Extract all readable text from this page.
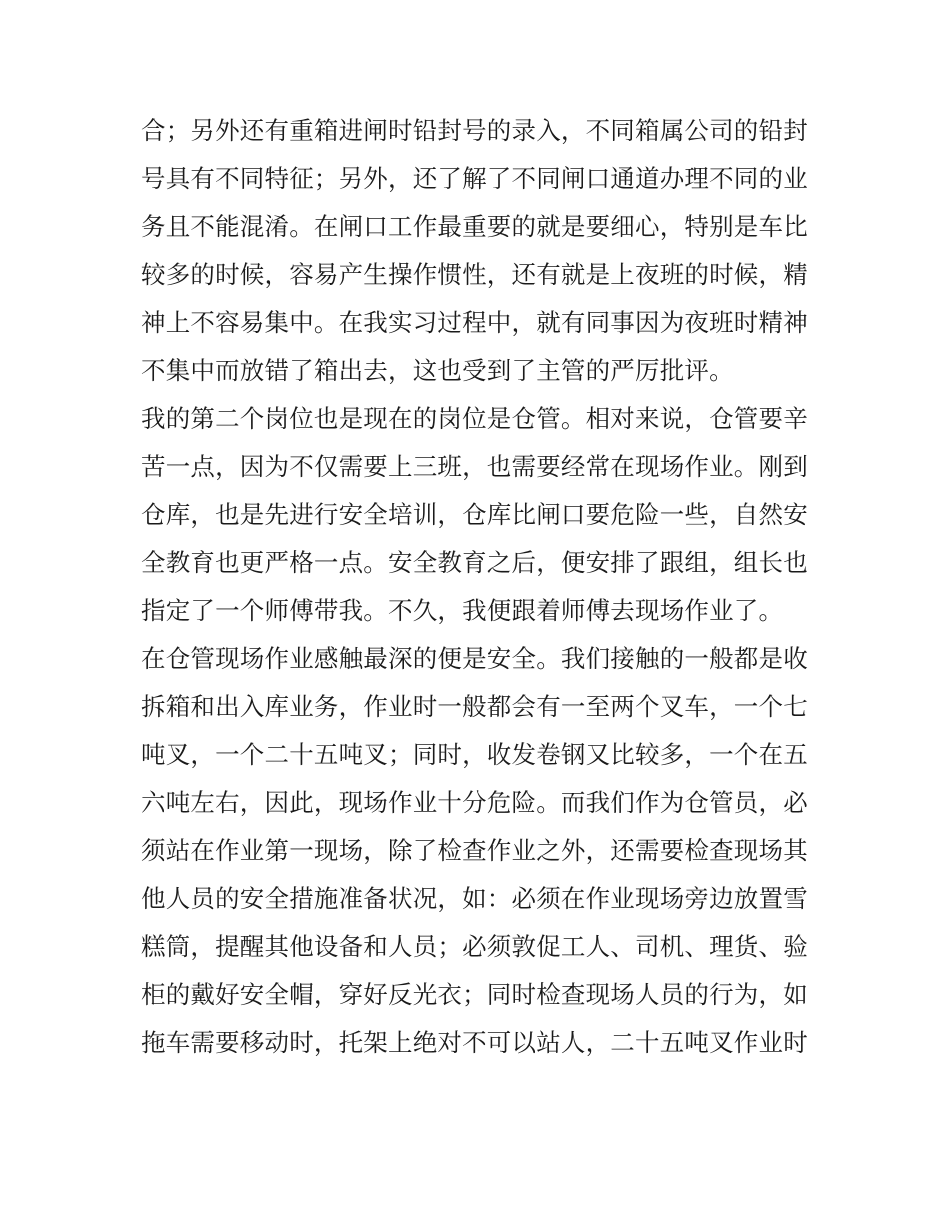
合；另外还有重箱进闸时铅封号的录入，不同箱属公司的铅封
号具有不同特征；另外，还了解了不同闸口通道办理不同的业
务且不能混淆。在闸口工作最重要的就是要细心，特别是车比
较多的时候，容易产生操作惯性，还有就是上夜班的时候，精
神上不容易集中。在我实习过程中，就有同事因为夜班时精神
不集中而放错了箱出去，这也受到了主管的严厉批评。
我的第二个岗位也是现在的岗位是仓管。相对来说，仓管要辛
苦一点，因为不仅需要上三班，也需要经常在现场作业。刚到
仓库，也是先进行安全培训，仓库比闸口要危险一些，自然安
全教育也更严格一点。安全教育之后，便安排了跟组，组长也
指定了一个师傅带我。不久，我便跟着师傅去现场作业了。
在仓管现场作业感触最深的便是安全。我们接触的一般都是收
拆箱和出入库业务，作业时一般都会有一至两个叉车，一个七
吨叉，一个二十五吨叉；同时，收发卷钢又比较多，一个在五
六吨左右，因此，现场作业十分危险。而我们作为仓管员，必
须站在作业第一现场，除了检查作业之外，还需要检查现场其
他人员的安全措施准备状况，如：必须在作业现场旁边放置雪
糕筒，提醒其他设备和人员；必须敦促工人、司机、理货、验
柜的戴好安全帽，穿好反光衣；同时检查现场人员的行为，如
拖车需要移动时，托架上绝对不可以站人，二十五吨叉作业时
